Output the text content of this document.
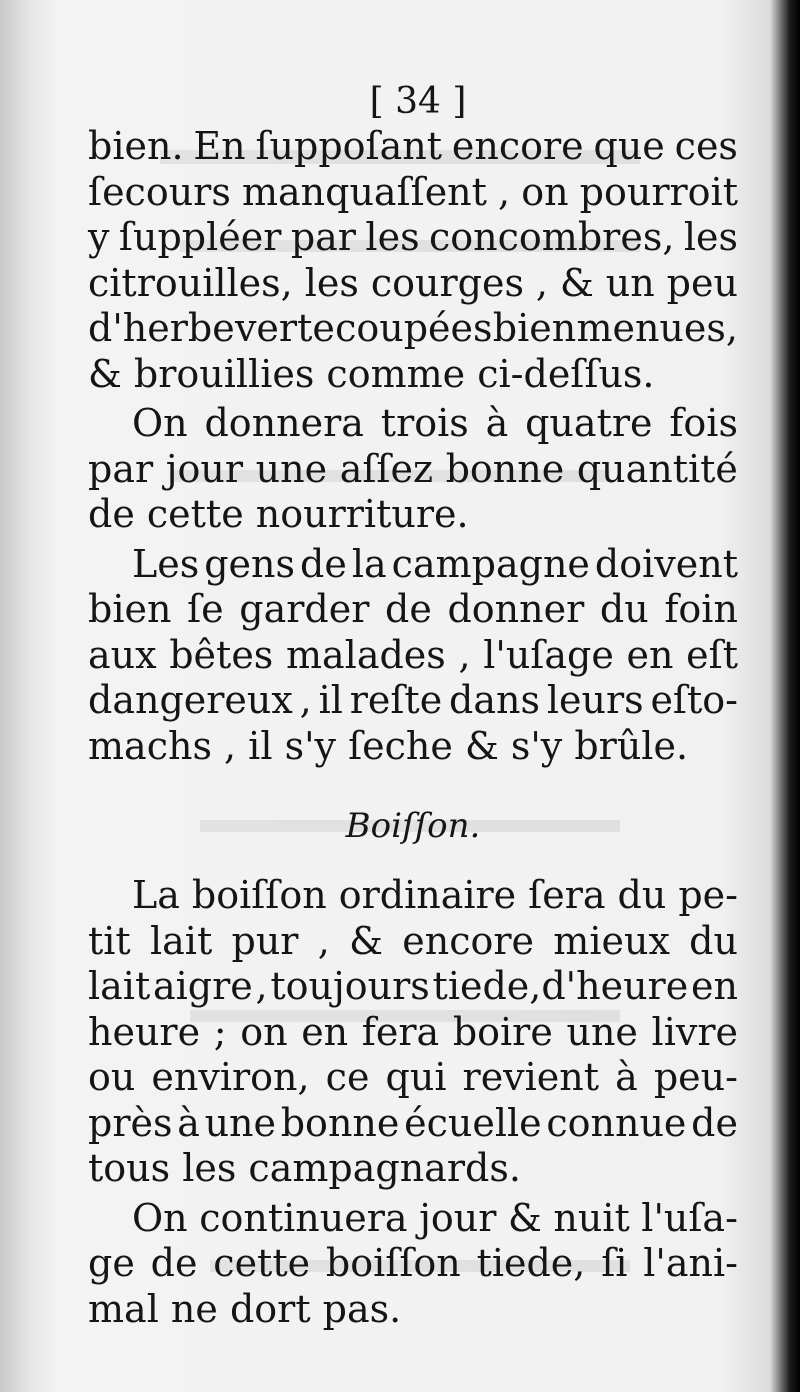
[ 34 ]
bien. En ſuppoſant encore que ces
ſecours manquaſſent , on pourroit
y ſuppléer par les concombres, les
citrouilles, les courges , & un peu
d'herbe verte coupées bien menues,
& brouillies comme ci-deſſus.
On donnera trois à quatre fois
par jour une aſſez bonne quantité
de cette nourriture.
Les gens de la campagne doivent
bien ſe garder de donner du foin
aux bêtes malades , l'uſage en eſt
dangereux , il reſte dans leurs eſto-
machs , il s'y ſeche & s'y brûle.
Boiſſon.
La boiſſon ordinaire ſera du pe-
tit lait pur , & encore mieux du
lait aigre , toujours tiede,d'heure en
heure ; on en fera boire une livre
ou environ, ce qui revient à peu-
près à une bonne écuelle connue de
tous les campagnards.
On continuera jour & nuit l'uſa-
ge de cette boiſſon tiede, ſi l'ani-
mal ne dort pas.
